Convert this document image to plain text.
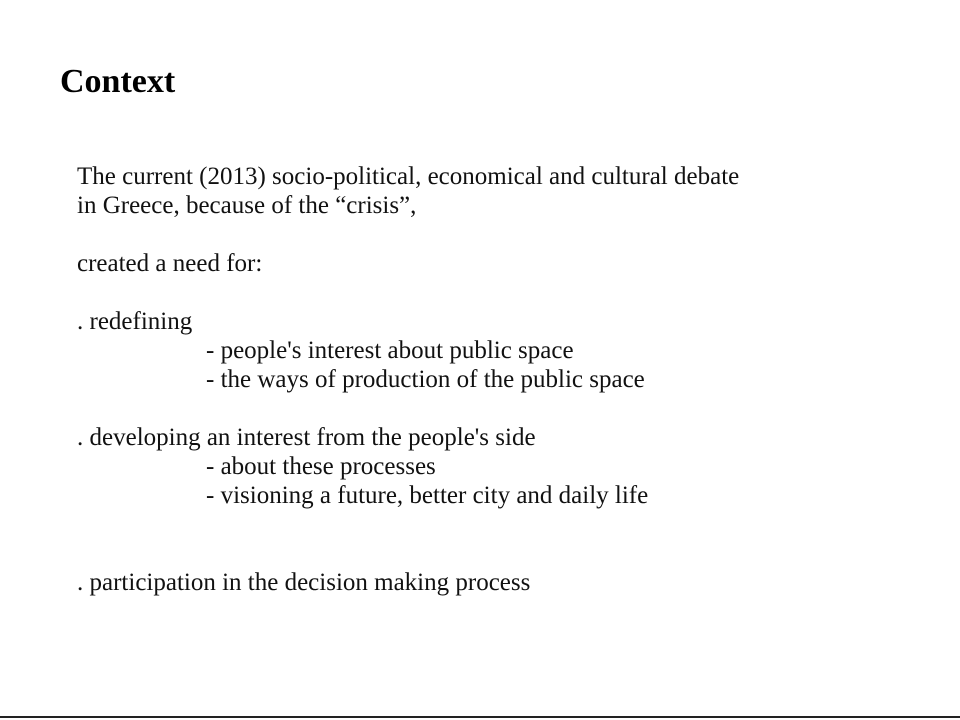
Context
The current (2013) socio-political, economical and cultural debate
in Greece, because of the “crisis”,
created a need for:
. redefining
- people's interest about public space
- the ways of production of the public space
. developing an interest from the people's side
- about these processes
- visioning a future, better city and daily life
. participation in the decision making process
